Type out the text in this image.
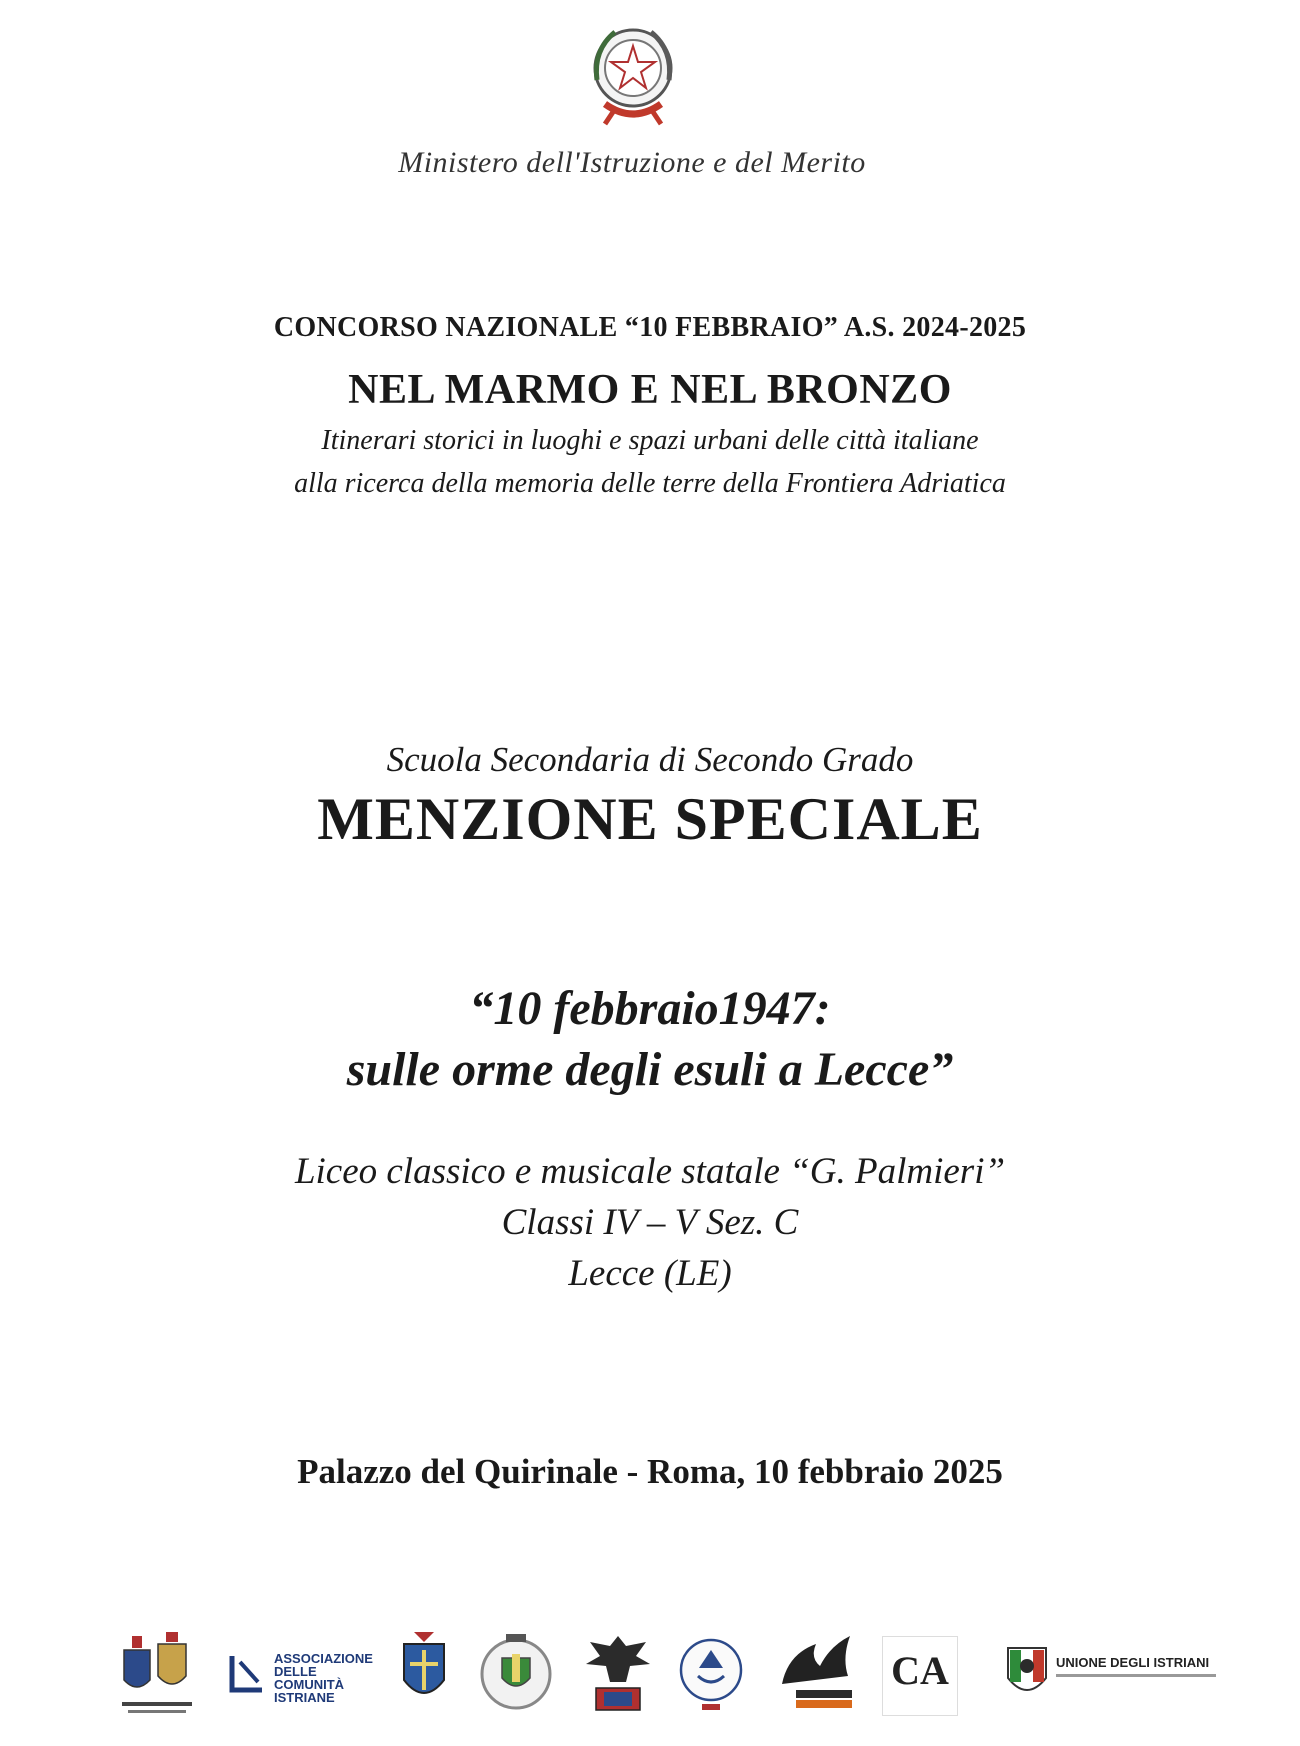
Ministero dell'Istruzione e del Merito
CONCORSO NAZIONALE “10 FEBBRAIO” A.S. 2024-2025
NEL MARMO E NEL BRONZO
Itinerari storici in luoghi e spazi urbani delle città italiane
alla ricerca della memoria delle terre della Frontiera Adriatica
Scuola Secondaria di Secondo Grado
MENZIONE SPECIALE
“10 febbraio1947:
sulle orme degli esuli a Lecce”
Liceo classico e musicale statale “G. Palmieri”
Classi IV – V Sez. C
Lecce (LE)
Palazzo del Quirinale - Roma, 10 febbraio 2025
ASSOCIAZIONE DELLE COMUNITÀ ISTRIANE
CA	UNIONE DEGLI ISTRIANI
